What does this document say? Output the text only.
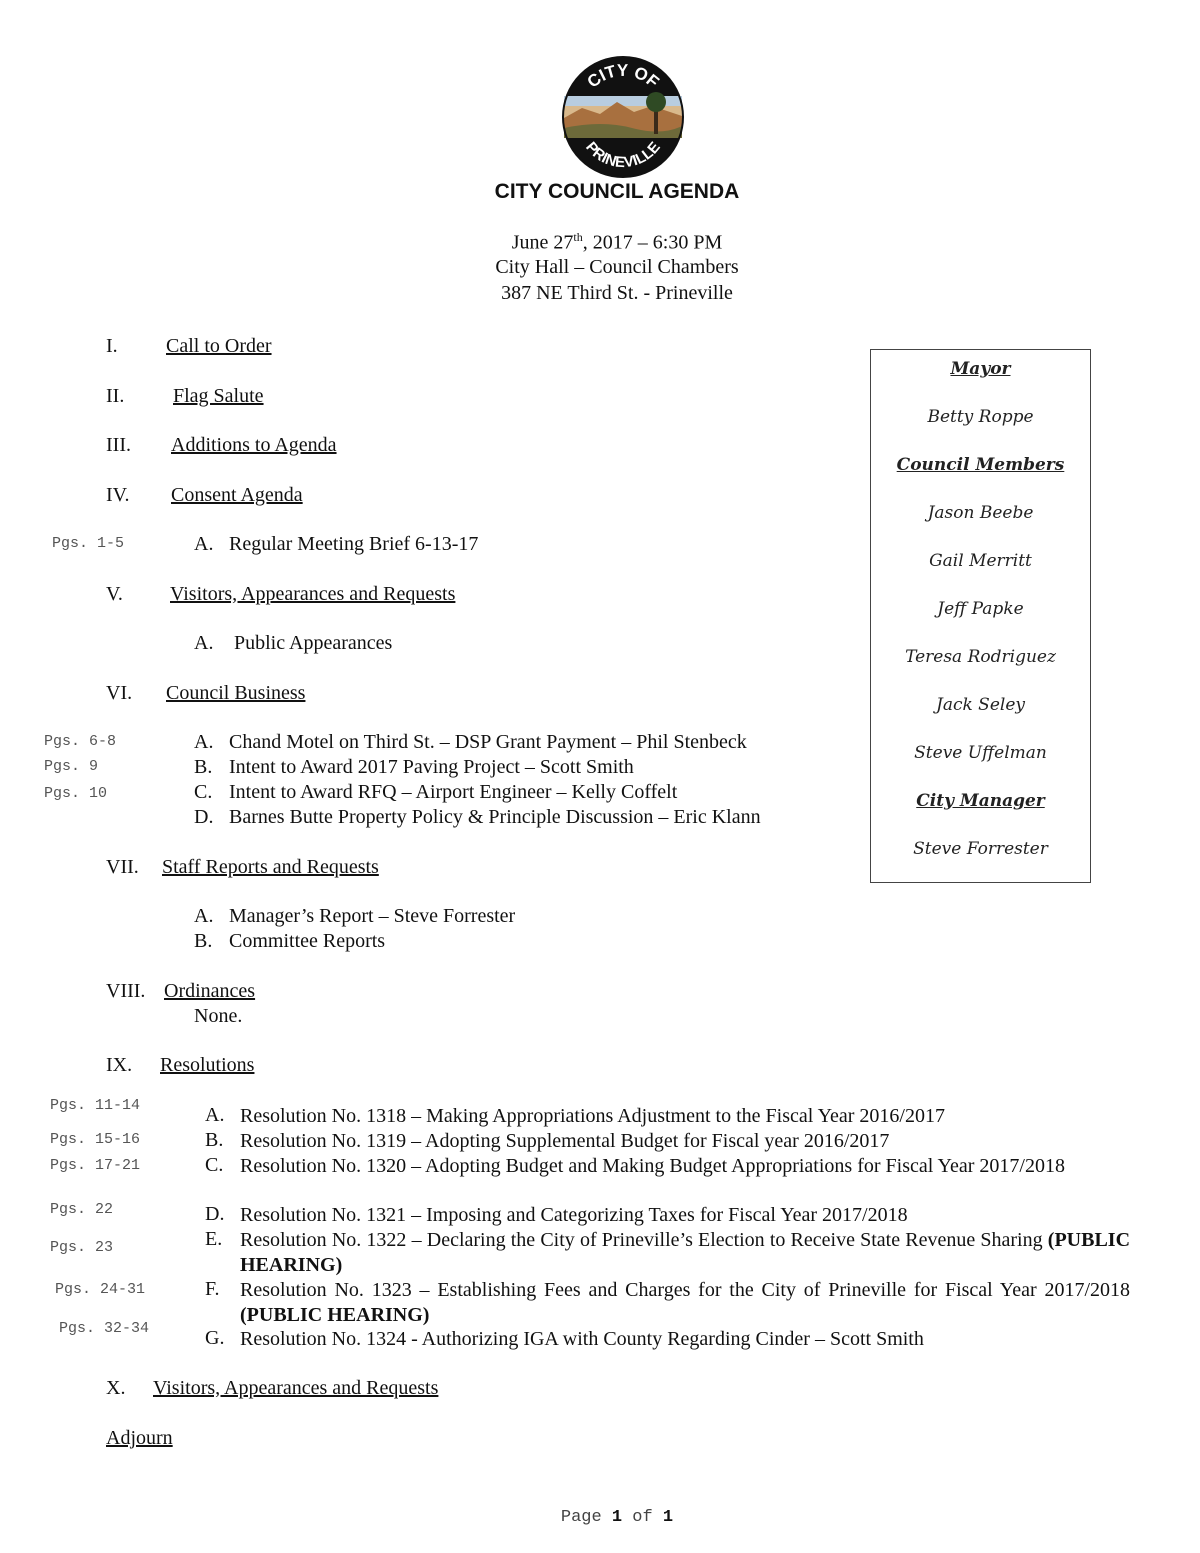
CITY OF
PRINEVILLE
CITY COUNCIL AGENDA
June 27th, 2017 – 6:30 PM
City Hall – Council Chambers
387 NE Third St. - Prineville
I. Call to Order
II. Flag Salute
III. Additions to Agenda
IV. Consent Agenda
Pgs. 1-5	A. Regular Meeting Brief 6-13-17
V. Visitors, Appearances and Requests
A. Public Appearances
VI. Council Business
Pgs. 6-8	A. Chand Motel on Third St. – DSP Grant Payment – Phil Stenbeck
Pgs. 9	B. Intent to Award 2017 Paving Project – Scott Smith
Pgs. 10	C. Intent to Award RFQ – Airport Engineer – Kelly Coffelt
D. Barnes Butte Property Policy & Principle Discussion – Eric Klann
VII. Staff Reports and Requests
A. Manager’s Report – Steve Forrester
B. Committee Reports
VIII. Ordinances
None.
IX. Resolutions
Pgs. 11-14	A. Resolution No. 1318 – Making Appropriations Adjustment to the Fiscal Year 2016/2017
Pgs. 15-16	B. Resolution No. 1319 – Adopting Supplemental Budget for Fiscal year 2016/2017
Pgs. 17-21	C. Resolution No. 1320 – Adopting Budget and Making Budget Appropriations for Fiscal Year 2017/2018
Pgs. 22	D. Resolution No. 1321 – Imposing and Categorizing Taxes for Fiscal Year 2017/2018
Pgs. 23	E. Resolution No. 1322 – Declaring the City of Prineville’s Election to Receive State Revenue Sharing (PUBLIC HEARING)
Pgs. 24-31	F. Resolution No. 1323 – Establishing Fees and Charges for the City of Prineville for Fiscal Year 2017/2018 (PUBLIC HEARING)
Pgs. 32-34	G. Resolution No. 1324 - Authorizing IGA with County Regarding Cinder – Scott Smith
X. Visitors, Appearances and Requests
Adjourn
Mayor
Betty Roppe
Council Members
Jason Beebe
Gail Merritt
Jeff Papke
Teresa Rodriguez
Jack Seley
Steve Uffelman
City Manager
Steve Forrester
Page 1 of 1
